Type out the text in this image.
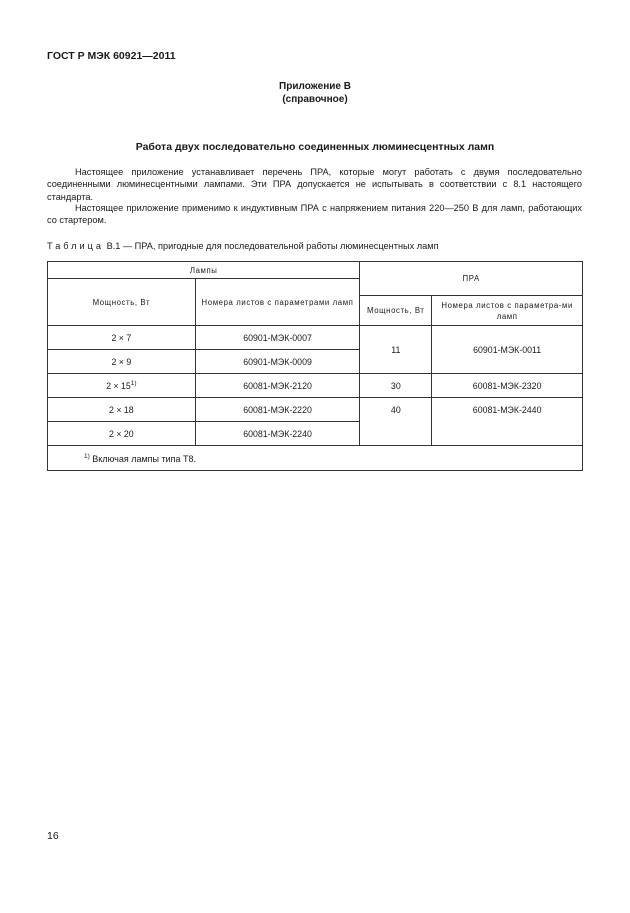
ГОСТ Р МЭК 60921—2011
Приложение В
(справочное)
Работа двух последовательно соединенных люминесцентных ламп
Настоящее приложение устанавливает перечень ПРА, которые могут работать с двумя последовательно соединенными люминесцентными лампами. Эти ПРА допускается не испытывать в соответствии с 8.1 настоящего стандарта.
Настоящее приложение применимо к индуктивным ПРА с напряжением питания 220—250 В для ламп, работающих со стартером.
Таблица В.1 — ПРА, пригодные для последовательной работы люминесцентных ламп
Лампы		ПРА	
Мощность, Вт	Номера листов с параметрами ламп		
		Мощность, Вт	Номера листов с параметра-ми ламп
2 × 7	60901-МЭК-0007	11	60901-МЭК-0011
2 × 9	60901-МЭК-0009		
$2 \times 15^{1)}$	60081-МЭК-2120	30	60081-МЭК-2320
2 × 18	60081-МЭК-2220	40	60081-МЭК-2440
2 × 20	60081-МЭК-2240		
$^{1)}$ Включая лампы типа Т8.			
16
